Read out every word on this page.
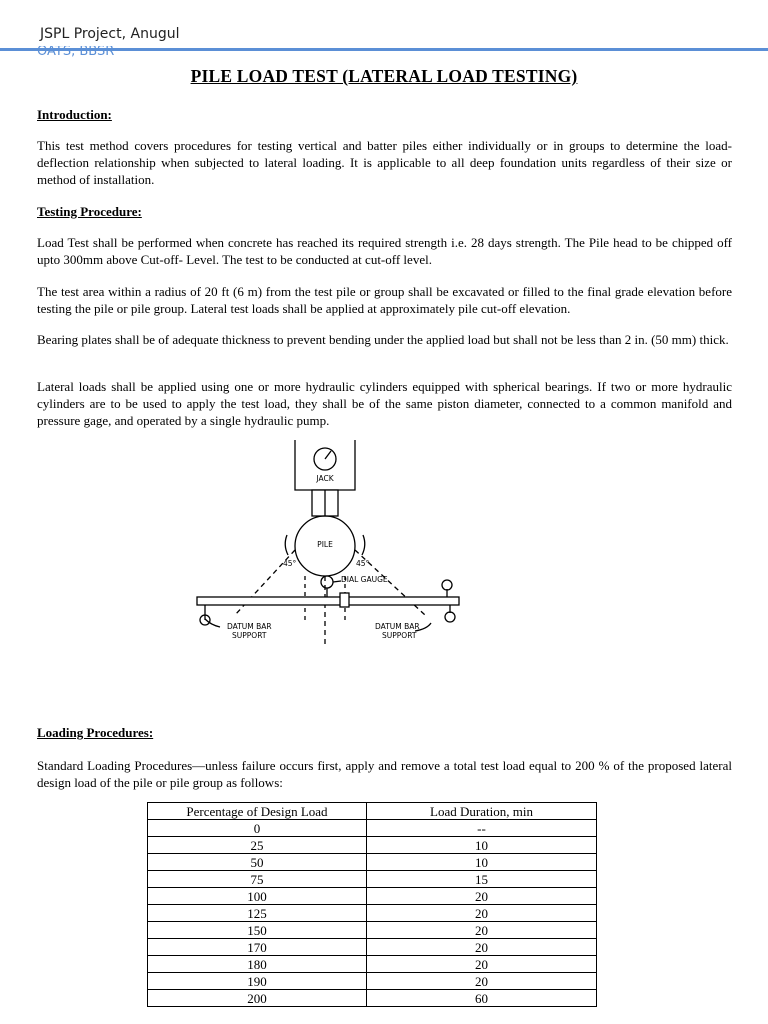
JSPL Project, Anugul
OATS, BBSR
PILE LOAD TEST (LATERAL LOAD TESTING)
Introduction:
This test method covers procedures for testing vertical and batter piles either individually or in groups to determine the load-deflection relationship when subjected to lateral loading. It is applicable to all deep foundation units regardless of their size or method of installation.
Testing Procedure:
Load Test shall be performed when concrete has reached its required strength i.e. 28 days strength. The Pile head to be chipped off upto 300mm above Cut-off- Level. The test to be conducted at cut-off level.
The test area within a radius of 20 ft (6 m) from the test pile or group shall be excavated or filled to the final grade elevation before testing the pile or pile group. Lateral test loads shall be applied at approximately pile cut-off elevation.
Bearing plates shall be of adequate thickness to prevent bending under the applied load but shall not be less than 2 in. (50 mm) thick.
Lateral loads shall be applied using one or more hydraulic cylinders equipped with spherical bearings. If two or more hydraulic cylinders are to be used to apply the test load, they shall be of the same piston diameter, connected to a common manifold and pressure gage, and operated by a single hydraulic pump.
JACK
PILE
45°	45°
DIAL GAUGE
DATUM BAR
SUPPORT
DATUM BAR
SUPPORT
Loading Procedures:
Standard Loading Procedures—unless failure occurs first, apply and remove a total test load equal to 200 % of the proposed lateral design load of the pile or pile group as follows:
Percentage of Design Load	Load Duration, min
0	--
25	10
50	10
75	15
100	20
125	20
150	20
170	20
180	20
190	20
200	60
